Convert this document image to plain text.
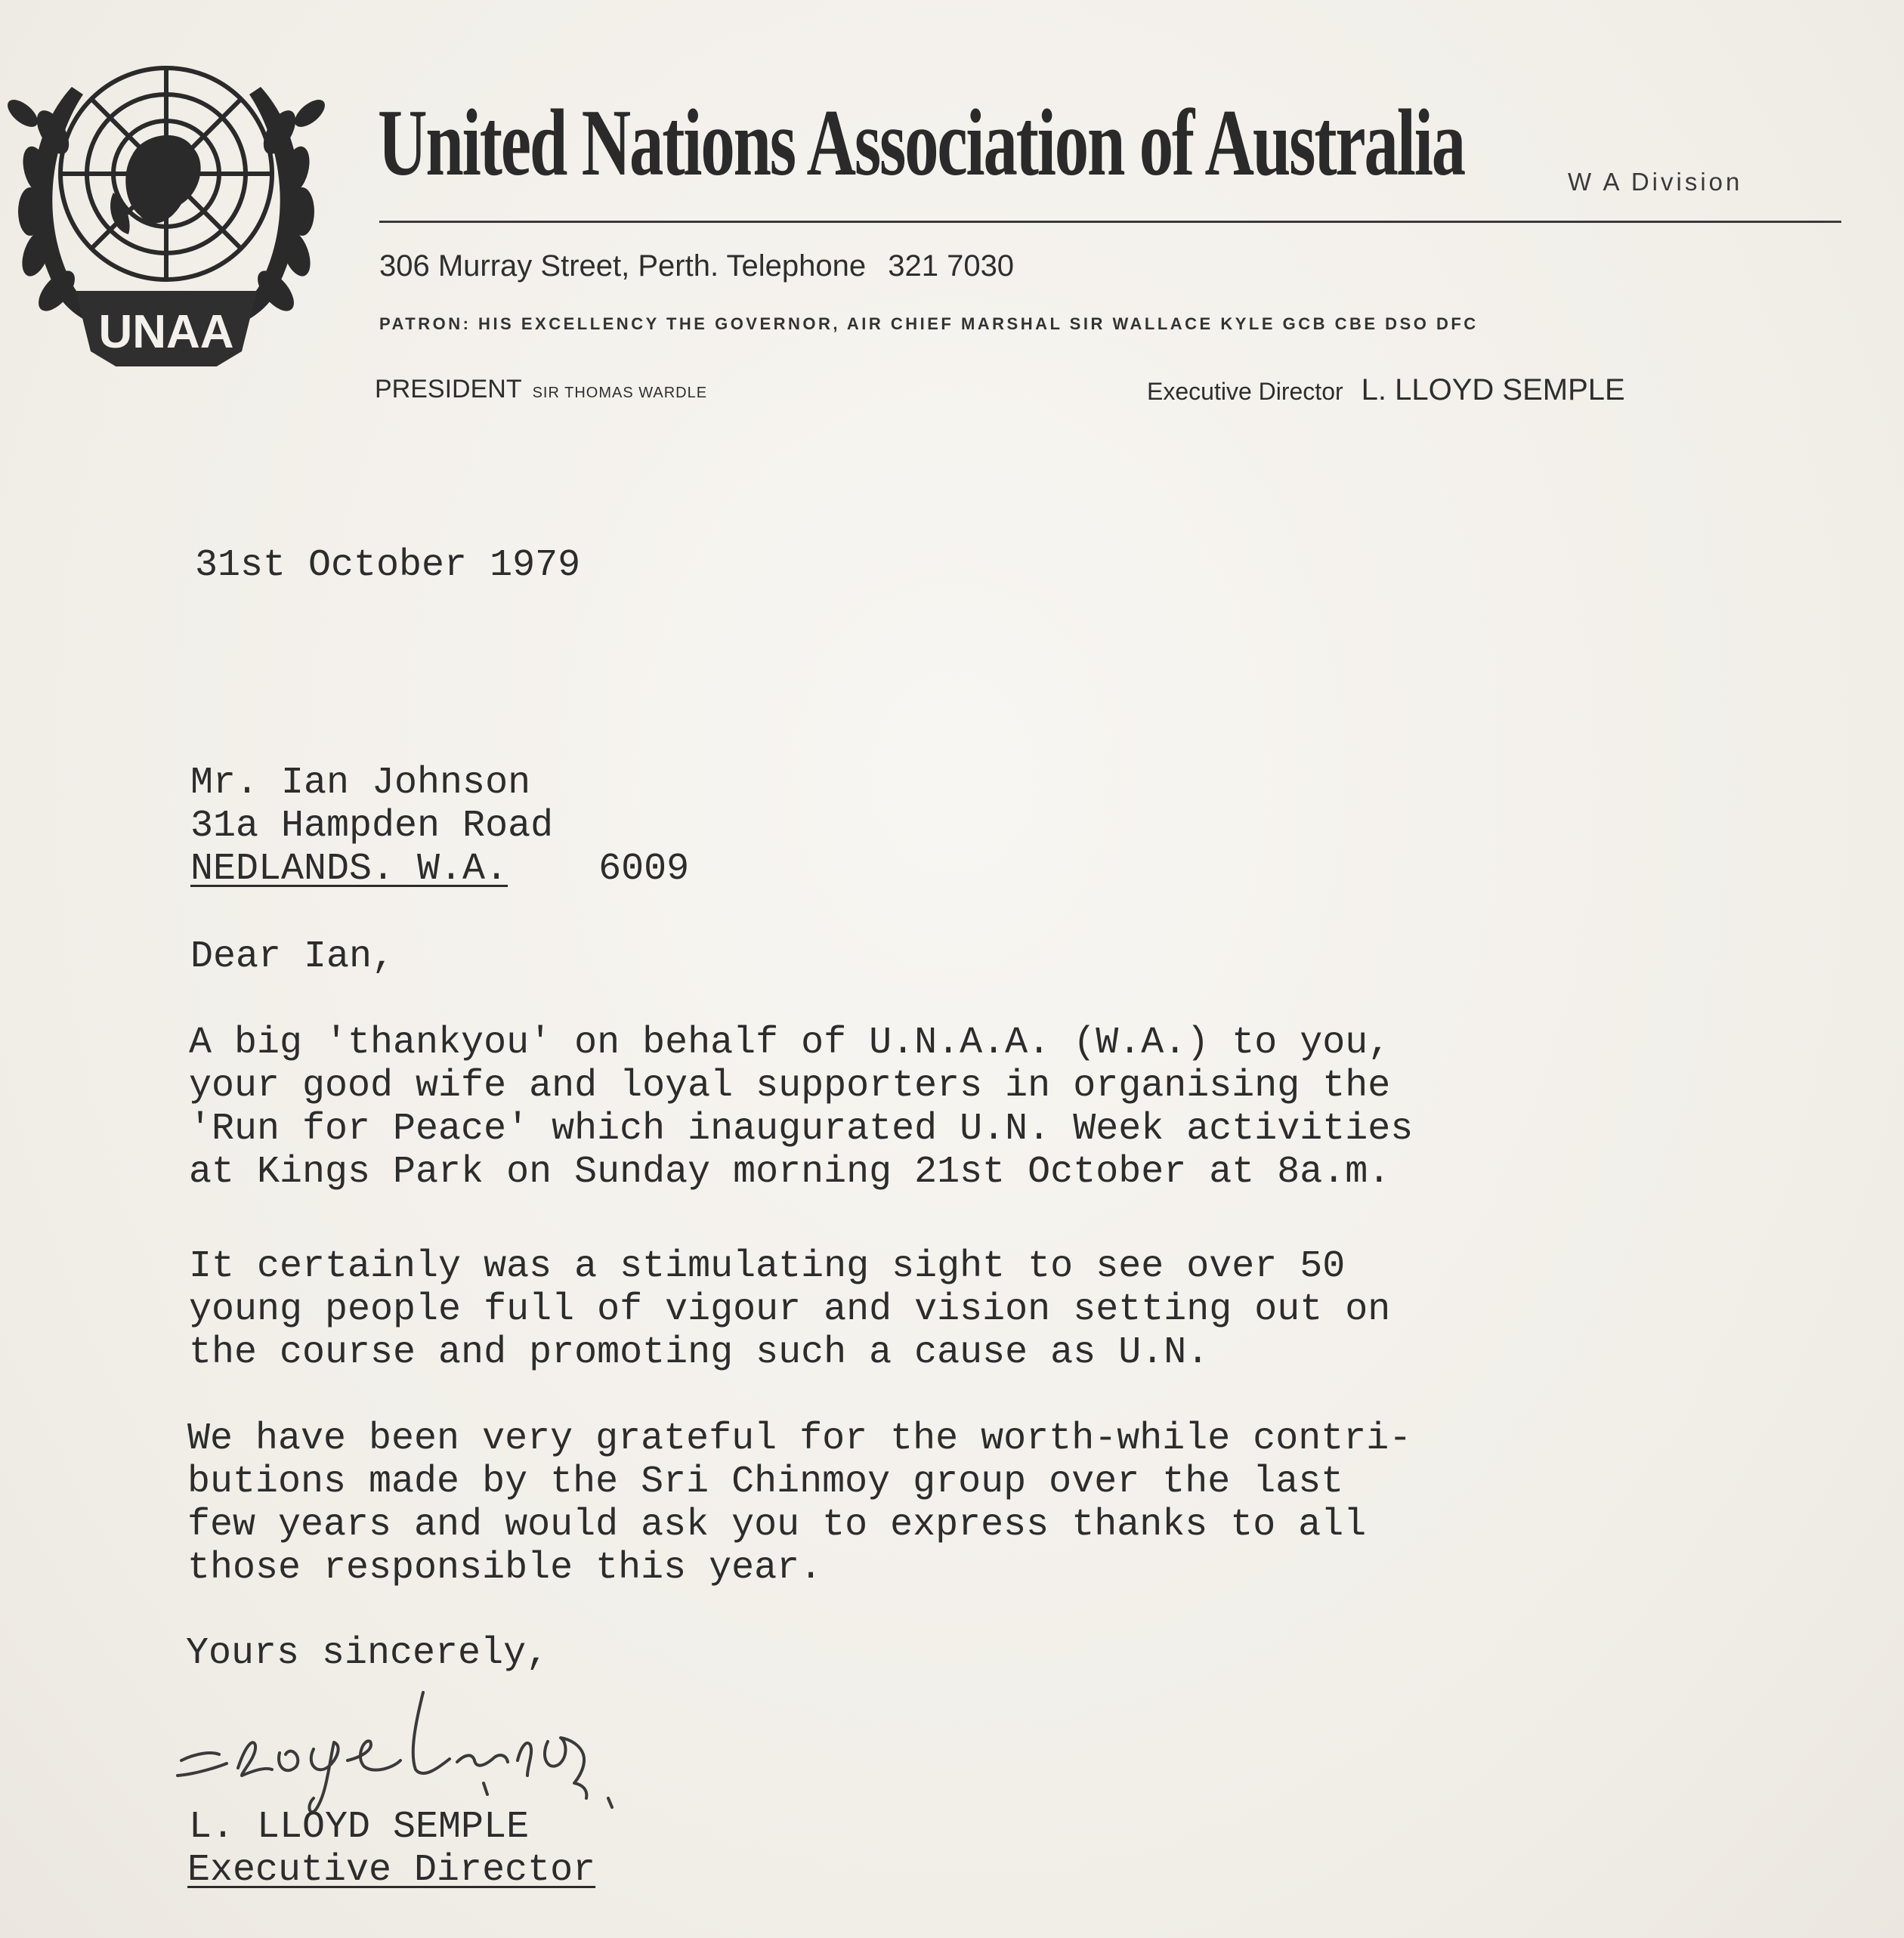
UNAA
United Nations Association of Australia	W A Division
306 Murray Street, Perth. Telephone 321 7030
PATRON: HIS EXCELLENCY THE GOVERNOR, AIR CHIEF MARSHAL SIR WALLACE KYLE GCB CBE DSO DFC
PRESIDENT SIR THOMAS WARDLE	Executive Director L. LLOYD SEMPLE
31st October 1979
Mr. Ian Johnson
31a Hampden Road
NEDLANDS. W.A. 6009
Dear Ian,
A big 'thankyou' on behalf of U.N.A.A. (W.A.) to you,
your good wife and loyal supporters in organising the
'Run for Peace' which inaugurated U.N. Week activities
at Kings Park on Sunday morning 21st October at 8a.m.
It certainly was a stimulating sight to see over 50
young people full of vigour and vision setting out on
the course and promoting such a cause as U.N.
We have been very grateful for the worth-while contri-
butions made by the Sri Chinmoy group over the last
few years and would ask you to express thanks to all
those responsible this year.
Yours sincerely,
L. Lloyd Semple L. LLOYD SEMPLE
Executive Director
